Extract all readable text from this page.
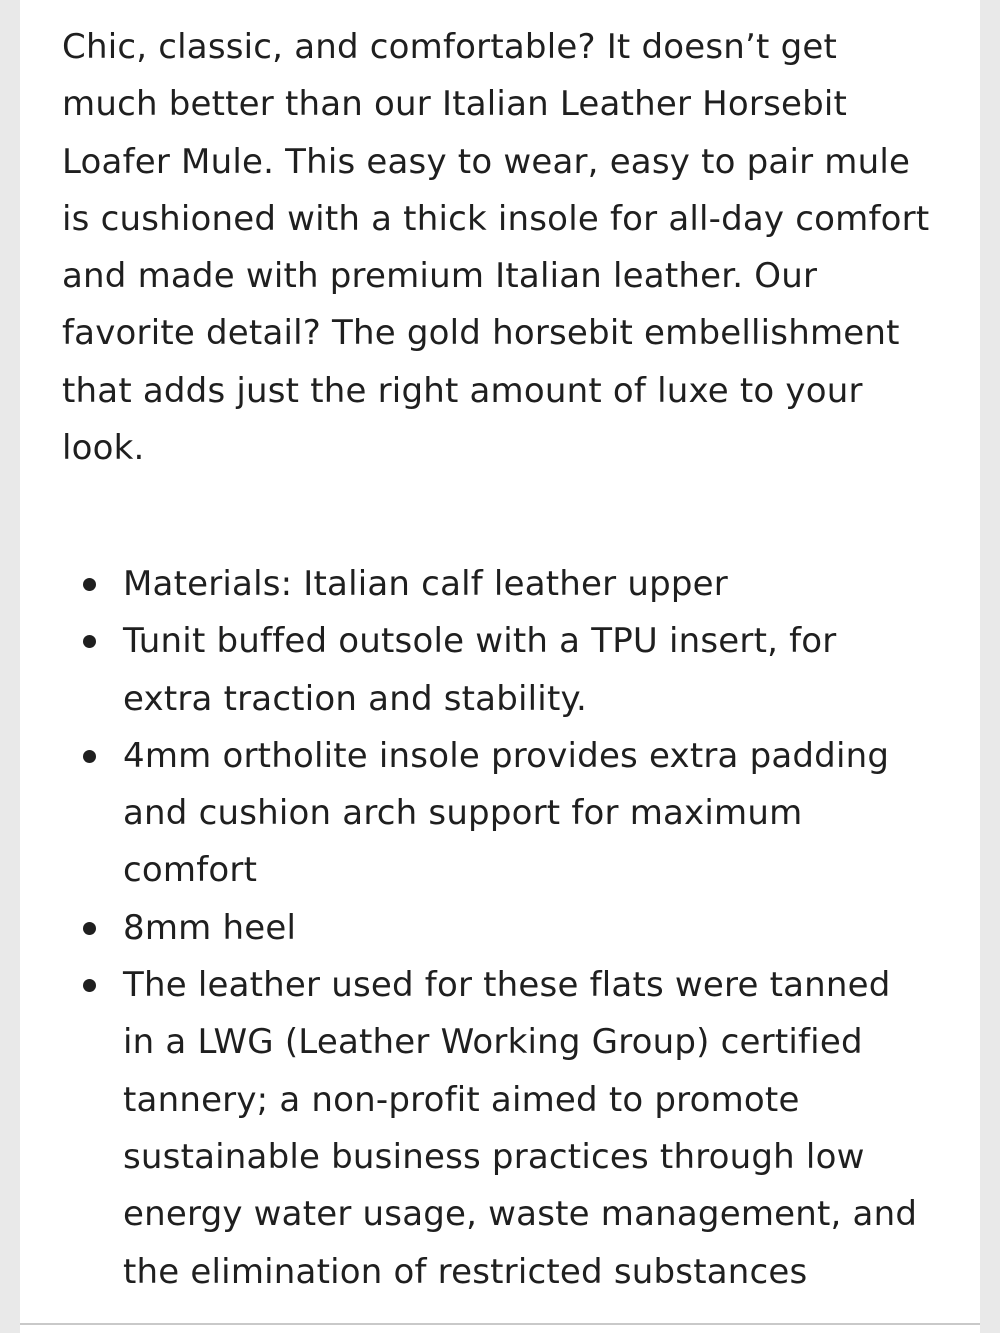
Chic, classic, and comfortable? It doesn’t get much better than our Italian Leather Horsebit Loafer Mule. This easy to wear, easy to pair mule is cushioned with a thick insole for all-day comfort and made with premium Italian leather. Our favorite detail? The gold horsebit embellishment that adds just the right amount of luxe to your look.

Materials: Italian calf leather upper
Tunit buffed outsole with a TPU insert, for extra traction and stability.
4mm ortholite insole provides extra padding and cushion arch support for maximum comfort
8mm heel
The leather used for these flats were tanned in a LWG (Leather Working Group) certified tannery; a non-profit aimed to promote sustainable business practices through low energy water usage, waste management, and the elimination of restricted substances
